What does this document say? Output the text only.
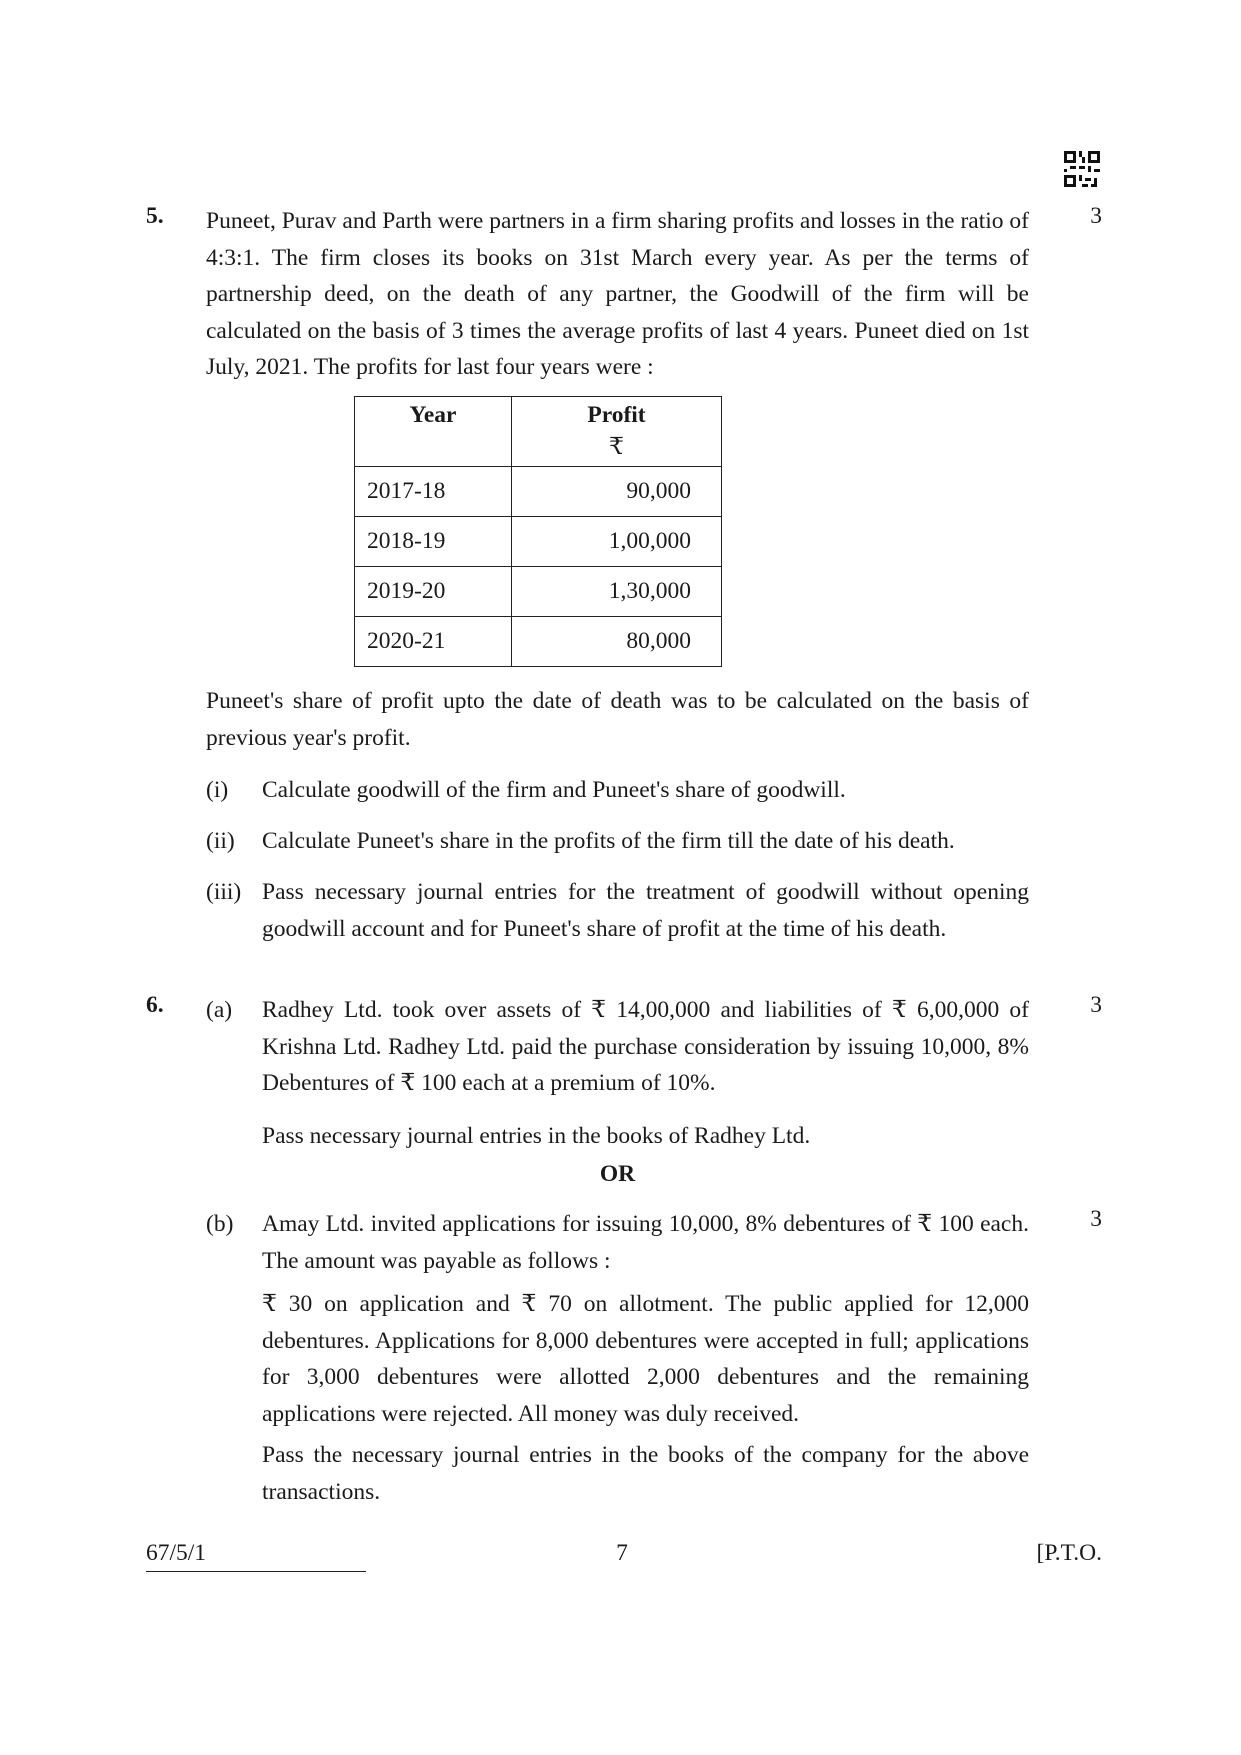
5.	3

Puneet, Purav and Parth were partners in a firm sharing profits and losses in the ratio of 4:3:1. The firm closes its books on 31st March every year. As per the terms of partnership deed, on the death of any partner, the Goodwill of the firm will be calculated on the basis of 3 times the average profits of last 4 years. Puneet died on 1st July, 2021. The profits for last four years were :

Year	Profit
₹

2017-18	90,000
2018-19	1,00,000
2019-20	1,30,000
2020-21	80,000

Puneet's share of profit upto the date of death was to be calculated on the basis of previous year's profit.

(i)	Calculate goodwill of the firm and Puneet's share of goodwill.
(ii)	Calculate Puneet's share in the profits of the firm till the date of his death.
(iii) Pass necessary journal entries for the treatment of goodwill without opening goodwill account and for Puneet's share of profit at the time of his death.
6.	3
(a)	Radhey Ltd. took over assets of ₹ 14,00,000 and liabilities of ₹ 6,00,000 of Krishna Ltd. Radhey Ltd. paid the purchase consideration by issuing 10,000, 8% Debentures of ₹ 100 each at a premium of 10%.

Pass necessary journal entries in the books of Radhey Ltd.

OR
3
(b)	Amay Ltd. invited applications for issuing 10,000, 8% debentures of ₹ 100 each. The amount was payable as follows :

₹ 30 on application and ₹ 70 on allotment. The public applied for 12,000 debentures. Applications for 8,000 debentures were accepted in full; applications for 3,000 debentures were allotted 2,000 debentures and the remaining applications were rejected. All money was duly received.

Pass the necessary journal entries in the books of the company for the above transactions.

67/5/1	7	[P.T.O.
